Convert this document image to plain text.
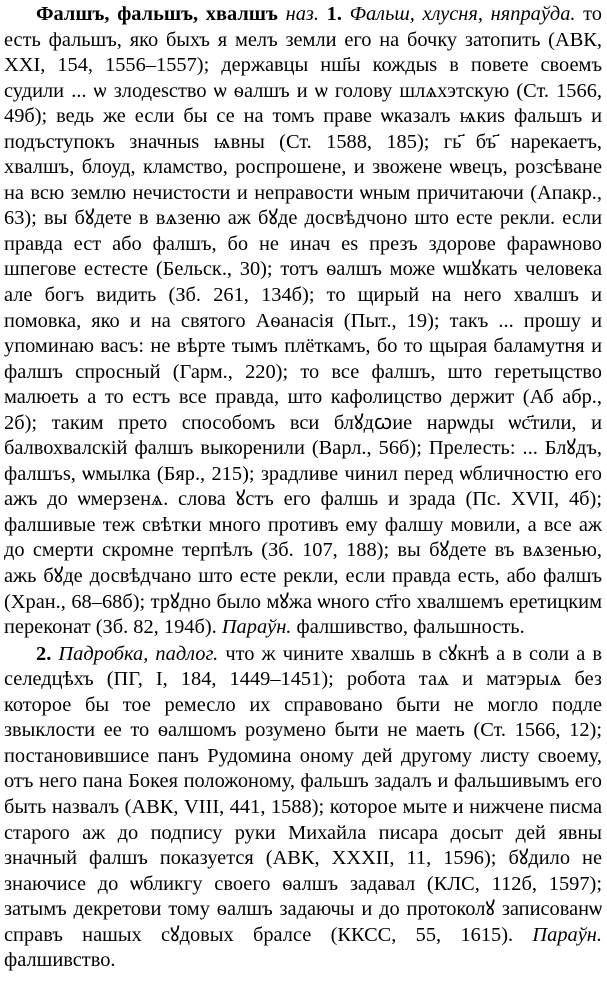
Фалшъ, фальшъ, хвалшъ наз. 1. Фальш, хлусня, няпраўда. то есть фальшъ, яко быхъ я мелъ земли его на бочку затопить (АВК, XXI, 154, 1556–1557); державцы нш҃ы кождыѕ в повете своемъ судили ... ѡ злодеѕство ѡ ѳалшъ и ѡ голову шлѧхэтскую (Ст. 1566, 49б); ведь же если бы се на томъ праве ѡказалъ ѩкиѕ фальшъ и подъступокъ значныѕ ѩвны (Ст. 1588, 185); гь҃ бъ҃ нарекаетъ, хвалшъ, блоуд, кламство, роспрошене, и звожене ѡвецъ, розсѣване на всю землю нечистости и неправости ѡным причитаючи (Апакр., 63); вы бꙋдете в вѧзеню аж бꙋде досвѣдчоно што есте рекли. если правда ест або фалшъ, бо не инач eѕ презъ здорове фараѡново шпегове естесте (Бельск., 30); тотъ ѳалшъ може ѡшꙋкать человека але богъ видить (Зб. 261, 134б); то щирый на него хвалшъ и помовка, яко и на святого Аѳанасія (Пыт., 19); такъ ... прошу и упоминаю васъ: не вѣрте тымъ плёткамъ, бо то щырая баламутня и фалшъ спросный (Гарм., 220); то все фалшъ, што геретыцство малюеть а то естъ все правда, што кафолицство держит (Аб абр., 2б); таким прето способомъ вси блꙋдꙍие нарѡды ѡс҃тили, и балвохвалскій фалшъ выкоренили (Варл., 56б); Прелесть: ... Блꙋдъ, фалшъѕ, ѡмылка (Бяр., 215); зрадливе чинил перед ѡбличностю его ажъ до ѡмерзенѧ. слова ꙋстъ его фалшь и зрада (Пс. XVII, 4б); фалшивые теж свѣтки много противъ ему фалшу мовили, а все аж до смерти скромне терпѣлъ (Зб. 107, 188); вы бꙋдете въ вѧзенью, ажь бꙋде досвѣдчано што есте рекли, если правда есть, або фалшъ (Хран., 68–68б); трꙋдно было мꙋжа ѡного ст҃го хвалшемъ еретицким переконат (Зб. 82, 194б). Параўн. фалшивство, фальшность.

2. Падробка, падлог. что ж чините хвалшь в сꙋкнѣ а в соли а в селедцѣхъ (ПГ, I, 184, 1449–1451); робота таѧ и матэрыѧ без которое бы тое ремесло их справовано быти не могло подле звыклости ее то ѳалшомъ розумено быти не маеть (Ст. 1566, 12); постановившисе панъ Рудомина оному дей другому листу своему, отъ него пана Бокея положоному, фальшъ задалъ и фальшивымъ его быть назвалъ (АВК, VIII, 441, 1588); которое мыте и нижчене писма старого аж до подпису руки Михайла писара досыт дей явны значный фалшъ показуется (АВК, XXXII, 11, 1596); бꙋдило не знаючисе до ѡбликгу своего ѳалшъ задавал (КЛС, 112б, 1597); затымъ декретови тому ѳалшъ задаючы и до протоколꙋ записованѡ справъ нашых сꙋдовых бралсе (ККСС, 55, 1615). Параўн. фалшивство.
